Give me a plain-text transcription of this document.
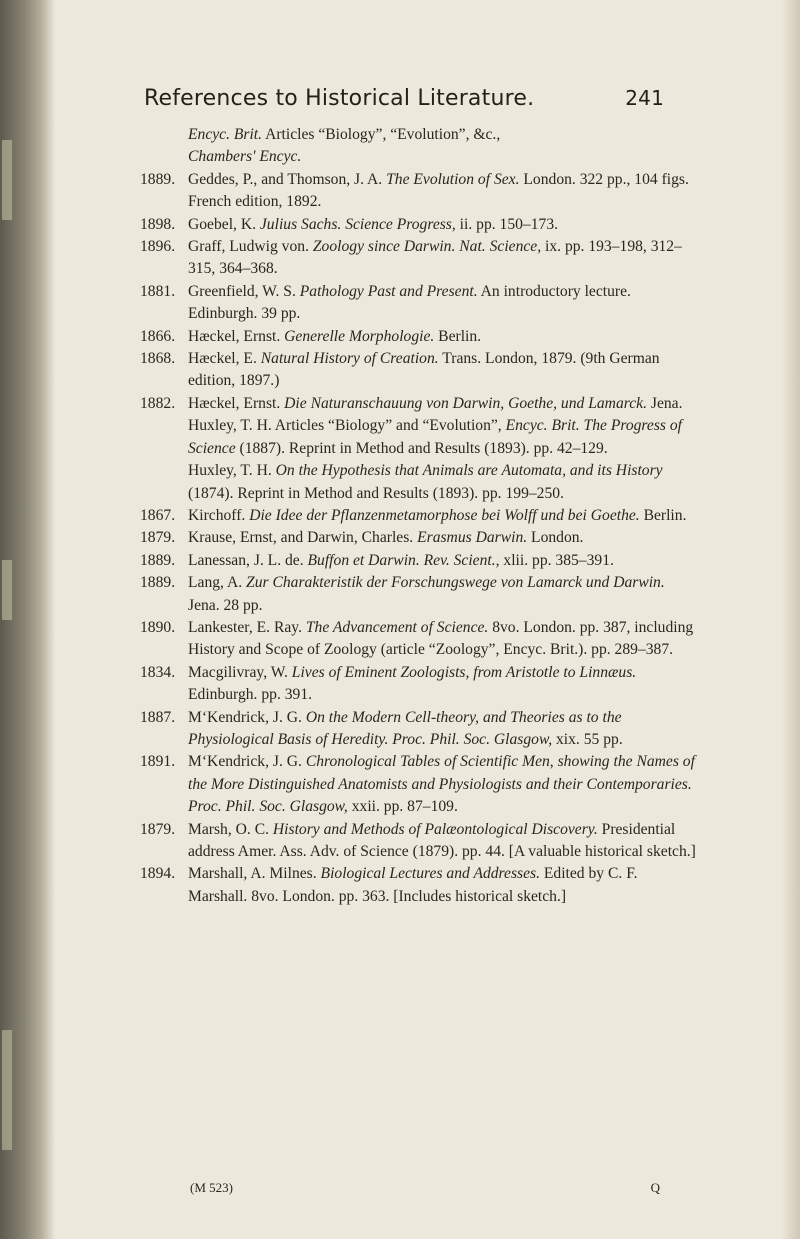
References to Historical Literature.	241
Encyc. Brit. Articles “Biology”, “Evolution”, &c.,
Chambers' Encyc.
1889. Geddes, P., and Thomson, J. A. The Evolution of Sex. London. 322 pp., 104 figs. French edition, 1892.
1898. Goebel, K. Julius Sachs. Science Progress, ii. pp. 150–173.
1896. Graff, Ludwig von. Zoology since Darwin. Nat. Science, ix. pp. 193–198, 312–315, 364–368.
1881. Greenfield, W. S. Pathology Past and Present. An introductory lecture. Edinburgh. 39 pp.
1866. Hæckel, Ernst. Generelle Morphologie. Berlin.
1868. Hæckel, E. Natural History of Creation. Trans. London, 1879. (9th German edition, 1897.)
1882. Hæckel, Ernst. Die Naturanschauung von Darwin, Goethe, und Lamarck. Jena.
Huxley, T. H. Articles “Biology” and “Evolution”, Encyc. Brit. The Progress of Science (1887). Reprint in Method and Results (1893). pp. 42–129.
Huxley, T. H. On the Hypothesis that Animals are Automata, and its History (1874). Reprint in Method and Results (1893). pp. 199–250.
1867. Kirchoff. Die Idee der Pflanzenmetamorphose bei Wolff und bei Goethe. Berlin.
1879. Krause, Ernst, and Darwin, Charles. Erasmus Darwin. London.
1889. Lanessan, J. L. de. Buffon et Darwin. Rev. Scient., xlii. pp. 385–391.
1889. Lang, A. Zur Charakteristik der Forschungswege von Lamarck und Darwin. Jena. 28 pp.
1890. Lankester, E. Ray. The Advancement of Science. 8vo. London. pp. 387, including History and Scope of Zoology (article “Zoology”, Encyc. Brit.). pp. 289–387.
1834. Macgilivray, W. Lives of Eminent Zoologists, from Aristotle to Linnæus. Edinburgh. pp. 391.
1887. M‘Kendrick, J. G. On the Modern Cell-theory, and Theories as to the Physiological Basis of Heredity. Proc. Phil. Soc. Glasgow, xix. 55 pp.
1891. M‘Kendrick, J. G. Chronological Tables of Scientific Men, showing the Names of the More Distinguished Anatomists and Physiologists and their Contemporaries. Proc. Phil. Soc. Glasgow, xxii. pp. 87–109.
1879. Marsh, O. C. History and Methods of Palæontological Discovery. Presidential address Amer. Ass. Adv. of Science (1879). pp. 44. [A valuable historical sketch.]
1894. Marshall, A. Milnes. Biological Lectures and Addresses. Edited by C. F. Marshall. 8vo. London. pp. 363. [Includes historical sketch.]
(M 523)	Q
